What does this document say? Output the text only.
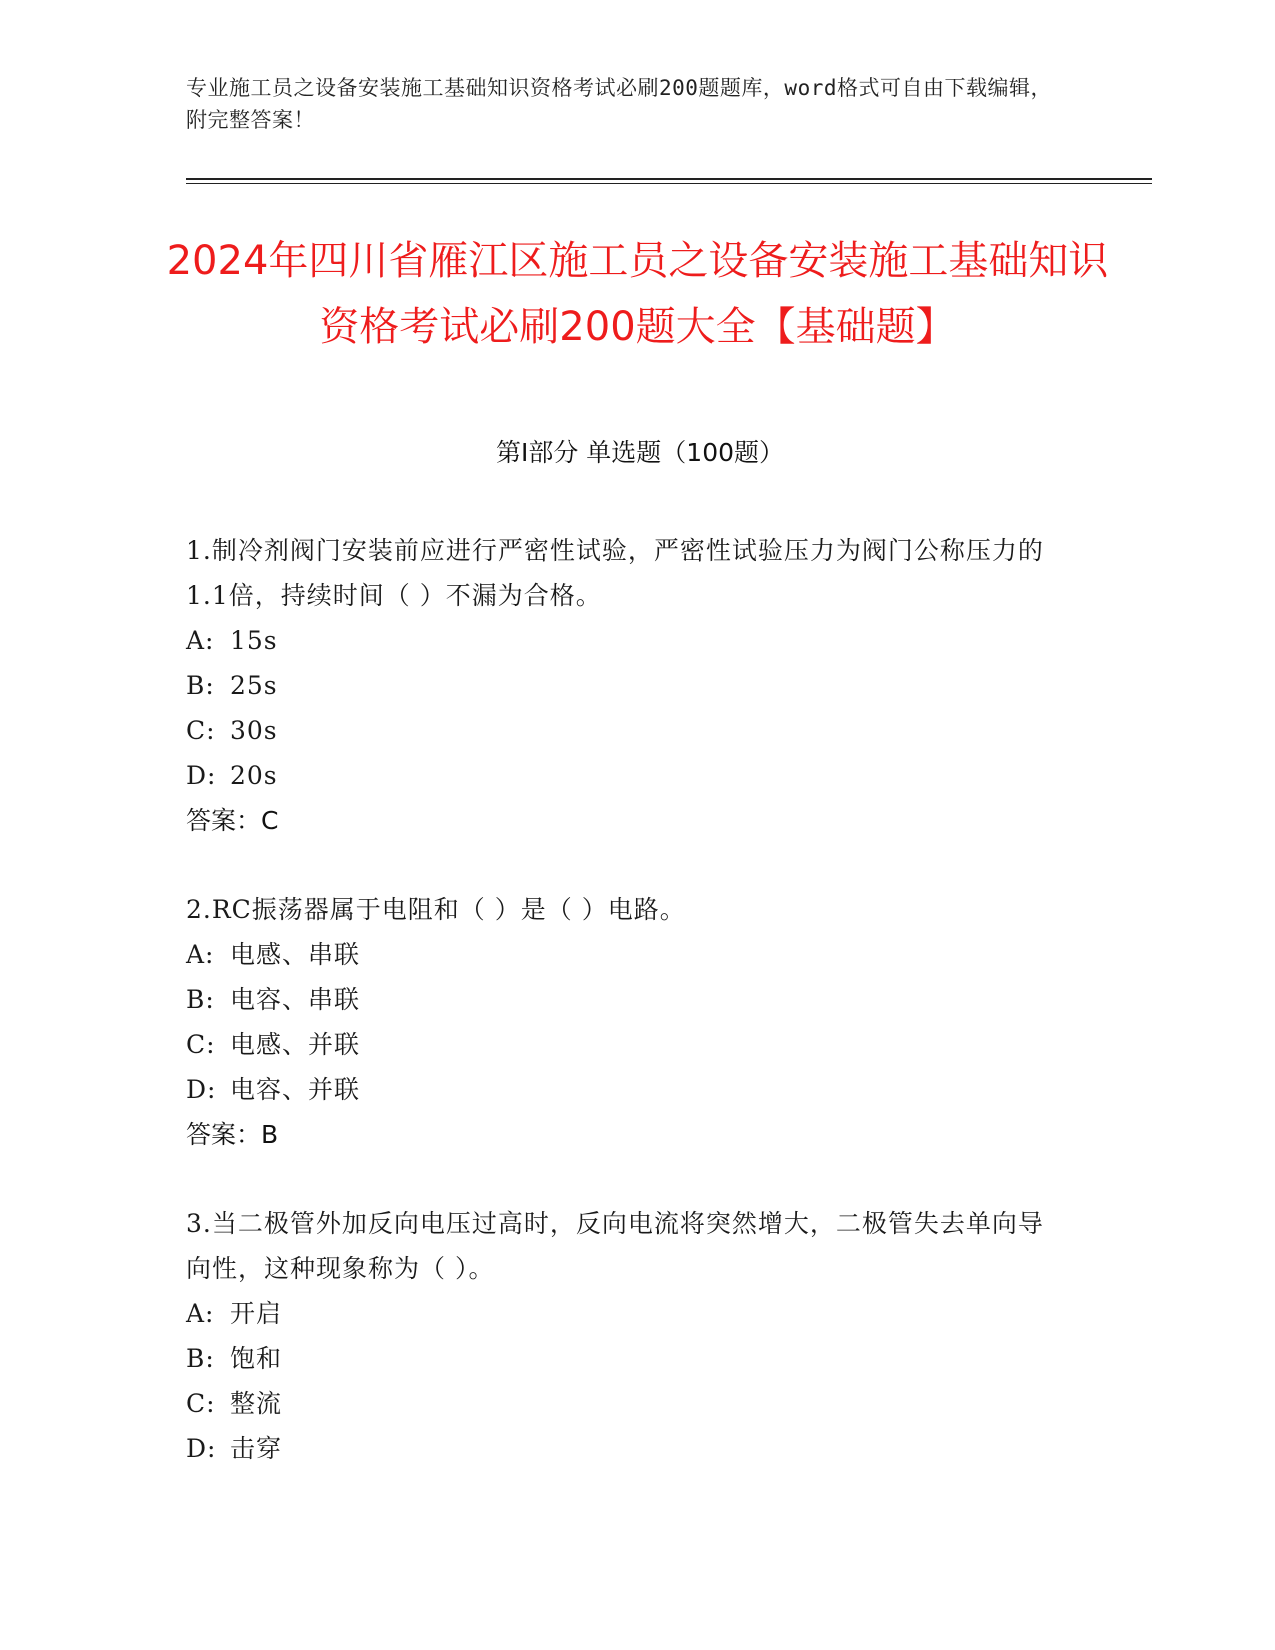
专业施工员之设备安装施工基础知识资格考试必刷200题题库，word格式可自由下载编辑，附完整答案！
2024年四川省雁江区施工员之设备安装施工基础知识资格考试必刷200题大全【基础题】
第I部分 单选题（100题）
1.制冷剂阀门安装前应进行严密性试验，严密性试验压力为阀门公称压力的1.1倍，持续时间（ ）不漏为合格。
A: 15s
B: 25s
C: 30s
D: 20s
答案：C
2.RC振荡器属于电阻和（ ）是（ ）电路。
A: 电感、串联
B: 电容、串联
C: 电感、并联
D: 电容、并联
答案：B
3.当二极管外加反向电压过高时，反向电流将突然增大，二极管失去单向导向性，这种现象称为（ ）。
A: 开启
B: 饱和
C: 整流
D: 击穿
